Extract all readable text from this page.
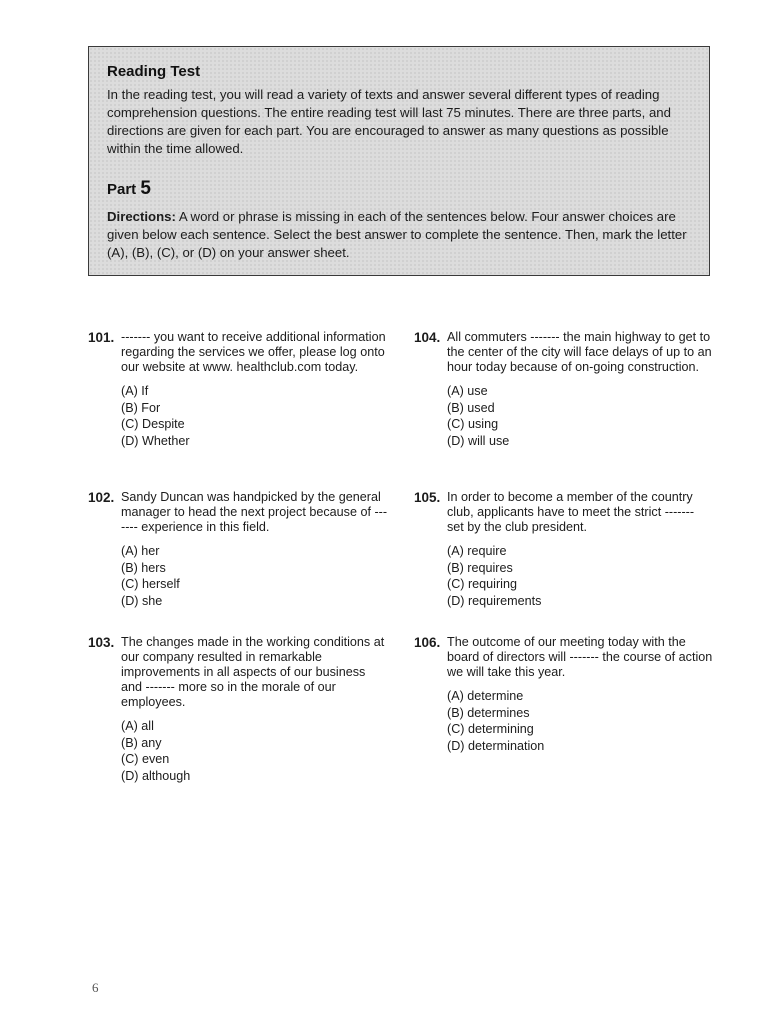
Reading Test

In the reading test, you will read a variety of texts and answer several different types of reading comprehension questions. The entire reading test will last 75 minutes. There are three parts, and directions are given for each part. You are encouraged to answer as many questions as possible within the time allowed.

Part 5

Directions: A word or phrase is missing in each of the sentences below. Four answer choices are given below each sentence. Select the best answer to complete the sentence. Then, mark the letter (A), (B), (C), or (D) on your answer sheet.

101. ------- you want to receive additional information regarding the services we offer, please log onto our website at www. healthclub.com today.
(A) If
(B) For
(C) Despite
(D) Whether
102. Sandy Duncan was handpicked by the general manager to head the next project because of ------- experience in this field.
(A) her
(B) hers
(C) herself
(D) she
103. The changes made in the working conditions at our company resulted in remarkable improvements in all aspects of our business and ------- more so in the morale of our employees.
(A) all
(B) any
(C) even
(D) although
104. All commuters ------- the main highway to get to the center of the city will face delays of up to an hour today because of on-going construction.
(A) use
(B) used
(C) using
(D) will use
105. In order to become a member of the country club, applicants have to meet the strict ------- set by the club president.
(A) require
(B) requires
(C) requiring
(D) requirements
106. The outcome of our meeting today with the board of directors will ------- the course of action we will take this year.
(A) determine
(B) determines
(C) determining
(D) determination
6
